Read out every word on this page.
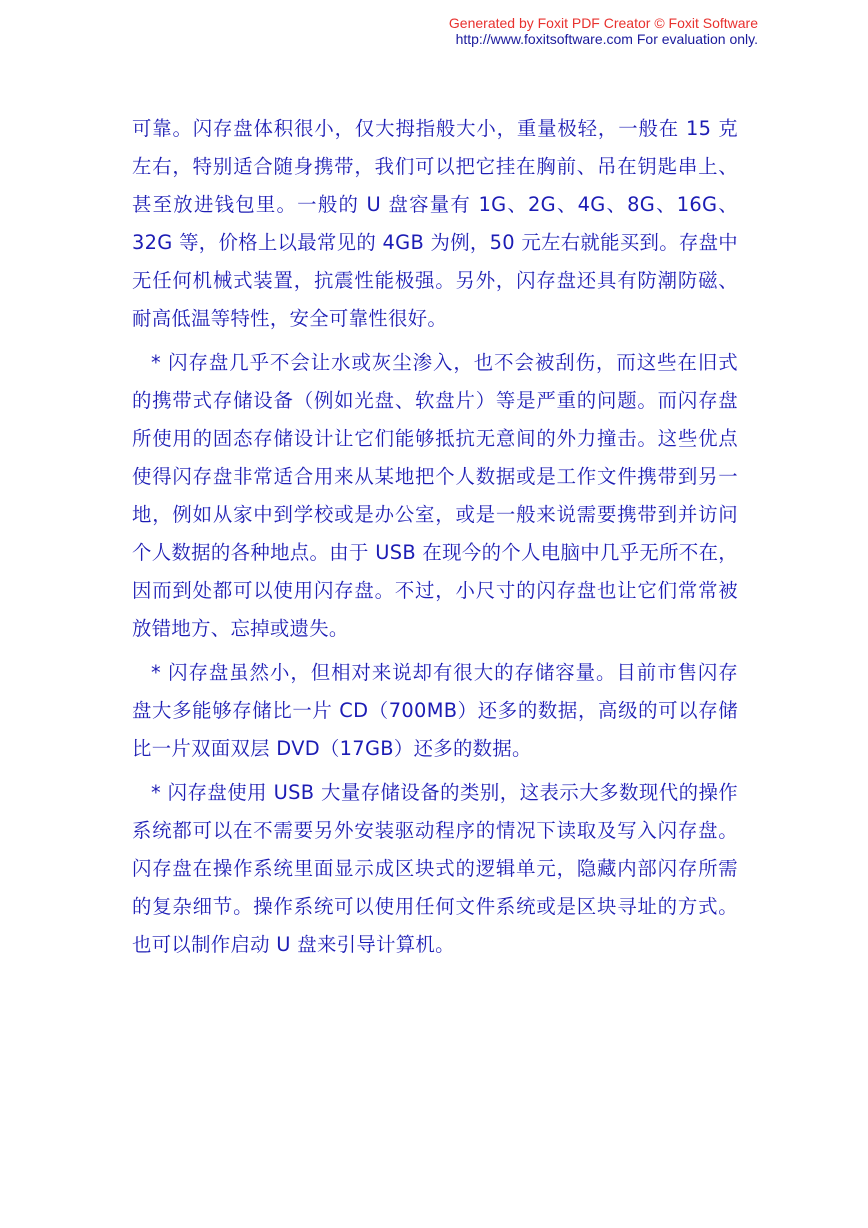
Generated by Foxit PDF Creator © Foxit Software
http://www.foxitsoftware.com For evaluation only.

可靠。闪存盘体积很小，仅大拇指般大小，重量极轻，一般在 15 克左右，特别适合随身携带，我们可以把它挂在胸前、吊在钥匙串上、甚至放进钱包里。一般的 U 盘容量有 1G、2G、4G、8G、16G、32G 等，价格上以最常见的 4GB 为例，50 元左右就能买到。存盘中无任何机械式装置，抗震性能极强。另外，闪存盘还具有防潮防磁、耐高低温等特性，安全可靠性很好。

* 闪存盘几乎不会让水或灰尘渗入，也不会被刮伤，而这些在旧式的携带式存储设备（例如光盘、软盘片）等是严重的问题。而闪存盘所使用的固态存储设计让它们能够抵抗无意间的外力撞击。这些优点使得闪存盘非常适合用来从某地把个人数据或是工作文件携带到另一地，例如从家中到学校或是办公室，或是一般来说需要携带到并访问个人数据的各种地点。由于 USB 在现今的个人电脑中几乎无所不在，因而到处都可以使用闪存盘。不过，小尺寸的闪存盘也让它们常常被放错地方、忘掉或遗失。

* 闪存盘虽然小，但相对来说却有很大的存储容量。目前市售闪存盘大多能够存储比一片 CD（700MB）还多的数据，高级的可以存储比一片双面双层 DVD（17GB）还多的数据。

* 闪存盘使用 USB 大量存储设备的类别，这表示大多数现代的操作系统都可以在不需要另外安装驱动程序的情况下读取及写入闪存盘。闪存盘在操作系统里面显示成区块式的逻辑单元，隐藏内部闪存所需的复杂细节。操作系统可以使用任何文件系统或是区块寻址的方式。也可以制作启动 U 盘来引导计算机。
